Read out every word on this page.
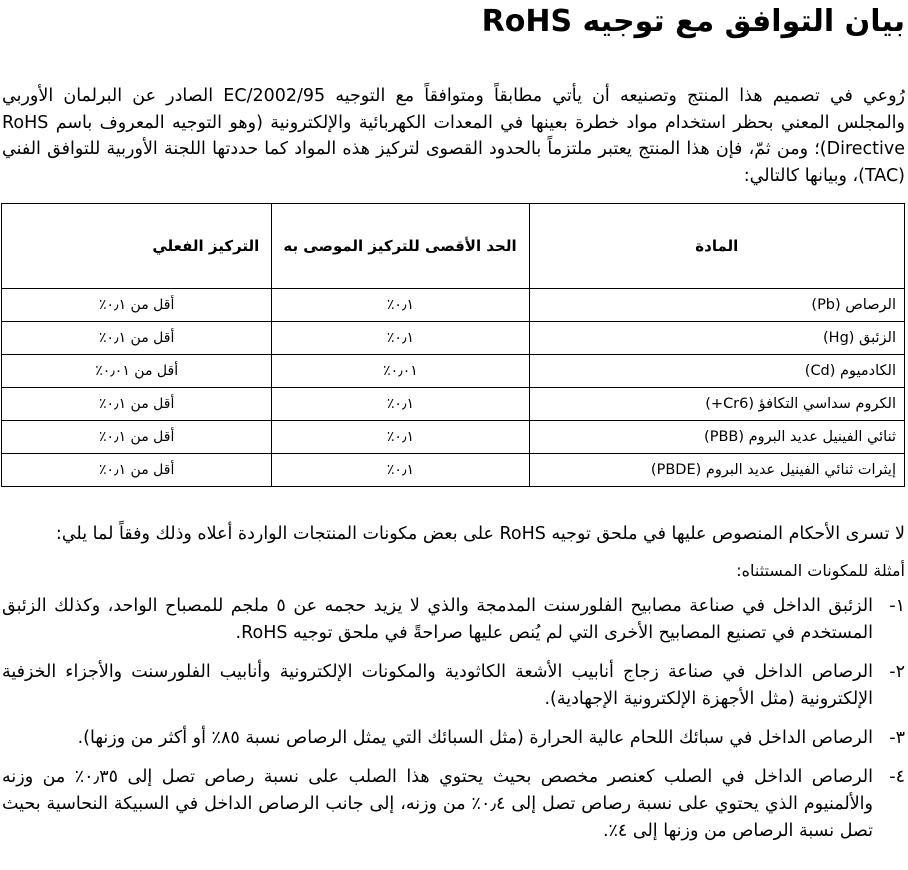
بيان التوافق مع توجيه RoHS

رُوعي في تصميم هذا المنتج وتصنيعه أن يأتي مطابقاً ومتوافقاً مع التوجيه 2002/95/EC الصادر عن البرلمان الأوربي والمجلس المعني بحظر استخدام مواد خطرة بعينها في المعدات الكهربائية والإلكترونية (وهو التوجيه المعروف باسم RoHS Directive)؛ ومن ثمّ، فإن هذا المنتج يعتبر ملتزماً بالحدود القصوى لتركيز هذه المواد كما حددتها اللجنة الأوربية للتوافق الفني (TAC)، وبيانها كالتالي:

المادة	الحد الأقصى للتركيز الموصى به	التركيز الفعلي
الرصاص (Pb)	٠٫١٪	أقل من ٠٫١٪
الزئبق (Hg)	٠٫١٪	أقل من ٠٫١٪
الكادميوم (Cd)	٠٫٠١٪	أقل من ٠٫٠١٪
الكروم سداسي التكافؤ (Cr6+)	٠٫١٪	أقل من ٠٫١٪
ثنائي الفينيل عديد البروم (PBB)	٠٫١٪	أقل من ٠٫١٪
إيثرات ثنائي الفينيل عديد البروم (PBDE)	٠٫١٪	أقل من ٠٫١٪

لا تسرى الأحكام المنصوص عليها في ملحق توجيه RoHS على بعض مكونات المنتجات الواردة أعلاه وذلك وفقاً لما يلي:

أمثلة للمكونات المستثناه:

١-
الزئبق الداخل في صناعة مصابيح الفلورسنت المدمجة والذي لا يزيد حجمه عن ٥ ملجم للمصباح الواحد، وكذلك الزئبق المستخدم في تصنيع المصابيح الأخرى التي لم يُنص عليها صراحةً في ملحق توجيه RoHS.
٢-
الرصاص الداخل في صناعة زجاج أنابيب الأشعة الكاثودية والمكونات الإلكترونية وأنابيب الفلورسنت والأجزاء الخزفية الإلكترونية (مثل الأجهزة الإلكترونية الإجهادية).
٣-
الرصاص الداخل في سبائك اللحام عالية الحرارة (مثل السبائك التي يمثل الرصاص نسبة ٨٥٪ أو أكثر من وزنها).
٤-
الرصاص الداخل في الصلب كعنصر مخصص بحيث يحتوي هذا الصلب على نسبة رصاص تصل إلى ٠٫٣٥٪ من وزنه والألمنيوم الذي يحتوي على نسبة رصاص تصل إلى ٠٫٤٪ من وزنه، إلى جانب الرصاص الداخل في السبيكة النحاسية بحيث تصل نسبة الرصاص من وزنها إلى ٤٪.
